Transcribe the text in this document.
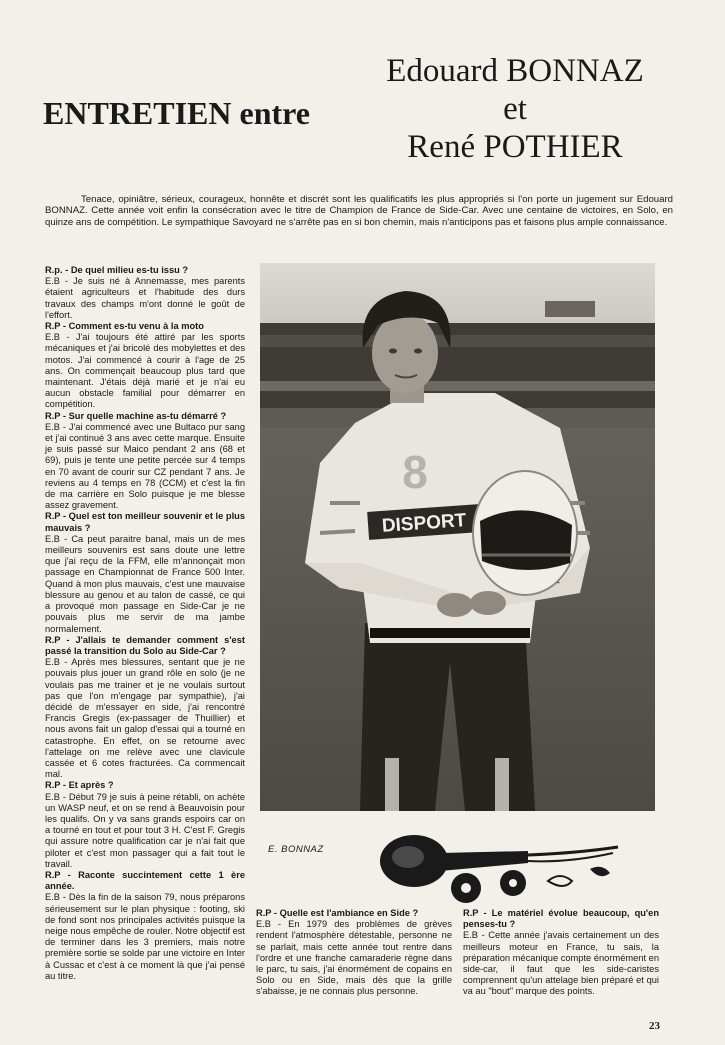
ENTRETIEN entre
Edouard BONNAZ
et
René POTHIER

Tenace, opiniâtre, sérieux, courageux, honnête et discrét sont les qualificatifs les plus appropriés si l'on porte un jugement sur Edouard BONNAZ. Cette année voit enfin la consécration avec le titre de Champion de France de Side-Car. Avec une centaine de victoires, en Solo, en quinze ans de compétition. Le sympathique Savoyard ne s'arrête pas en si bon chemin, mais n'anticipons pas et faisons plus ample connaissance.

R.p. - De quel milieu es-tu issu ?
E.B - Je suis né à Annemasse, mes parents étaient agriculteurs et l'habitude des durs travaux des champs m'ont donné le goût de l'effort.

R.P - Comment es-tu venu à la moto
E.B - J'ai toujours été attiré par les sports mécaniques et j'ai bricolé des mobylettes et des motos. J'ai commencé à courir à l'age de 25 ans. On commençait beaucoup plus tard que maintenant. J'étais déjà marié et je n'ai eu aucun obstacle familial pour démarrer en compétition.

R.P - Sur quelle machine as-tu démarré ?
E.B - J'ai commencé avec une Bultaco pur sang et j'ai continué 3 ans avec cette marque. Ensuite je suis passé sur Maico pendant 2 ans (68 et 69), puis je tente une petite percée sur 4 temps en 70 avant de courir sur CZ pendant 7 ans. Je reviens au 4 temps en 78 (CCM) et c'est la fin de ma carrière en Solo puisque je me blesse assez gravement.

R.P - Quel est ton meilleur souvenir et le plus mauvais ?
E.B - Ca peut paraitre banal, mais un de mes meilleurs souvenirs est sans doute une lettre que j'ai reçu de la FFM, elle m'annonçait mon passage en Championnat de France 500 Inter. Quand à mon plus mauvais, c'est une mauvaise blessure au genou et au talon de cassé, ce qui a provoqué mon passage en Side-Car je ne pouvais plus me servir de ma jambe normalement.

R.P - J'allais te demander comment s'est passé la transition du Solo au Side-Car ?
E.B - Après mes blessures, sentant que je ne pouvais plus jouer un grand rôle en solo (je ne voulais pas me trainer et je ne voulais surtout pas que l'on m'engage par sympathie), j'ai décidé de m'essayer en side, j'ai rencontré Francis Gregis (ex-passager de Thuillier) et nous avons fait un galop d'essai qui a tourné en catastrophe. En effet, on se retourne avec l'attelage on me relève avec une clavicule cassée et 6 cotes fracturées. Ca commencait mal.

R.P - Et après ?
E.B - Début 79 je suis à peine rétabli, on achète un WASP neuf, et on se rend à Beauvoisin pour les qualifs. On y va sans grands espoirs car on a tourné en tout et pour tout 3 H. C'est F. Gregis qui assure notre qualification car je n'ai fait que piloter et c'est mon passager qui a fait tout le travail.

R.P - Raconte succintement cette 1 ère année.
E.B - Dès la fin de la saison 79, nous préparons sérieusement sur le plan physique : footing, ski de fond sont nos principales activités puisque la neige nous empêche de rouler. Notre objectif est de terminer dans les 3 premiers, mais notre première sortie se solde par une victoire en Inter à Cussac et c'est à ce moment là que j'ai pensé au titre.

DISPORT
8
E. BONNAZ

R.P - Quelle est l'ambiance en Side ?
E.B - En 1979 des problèmes de grèves rendent l'atmosphère détestable, personne ne se parlait, mais cette année tout rentre dans l'ordre et une franche camaraderie règne dans le parc, tu sais, j'ai énormément de copains en Solo ou en Side, mais dès que la grille s'abaisse, je ne connais plus personne.

R.P - Le matériel évolue beaucoup, qu'en penses-tu ?
E.B - Cette année j'avais certainement un des meilleurs moteur en France, tu sais, la préparation mécanique compte énormément en side-car, il faut que les side-caristes comprennent qu'un attelage bien préparé et qui va au "bout" marque des points.

23
